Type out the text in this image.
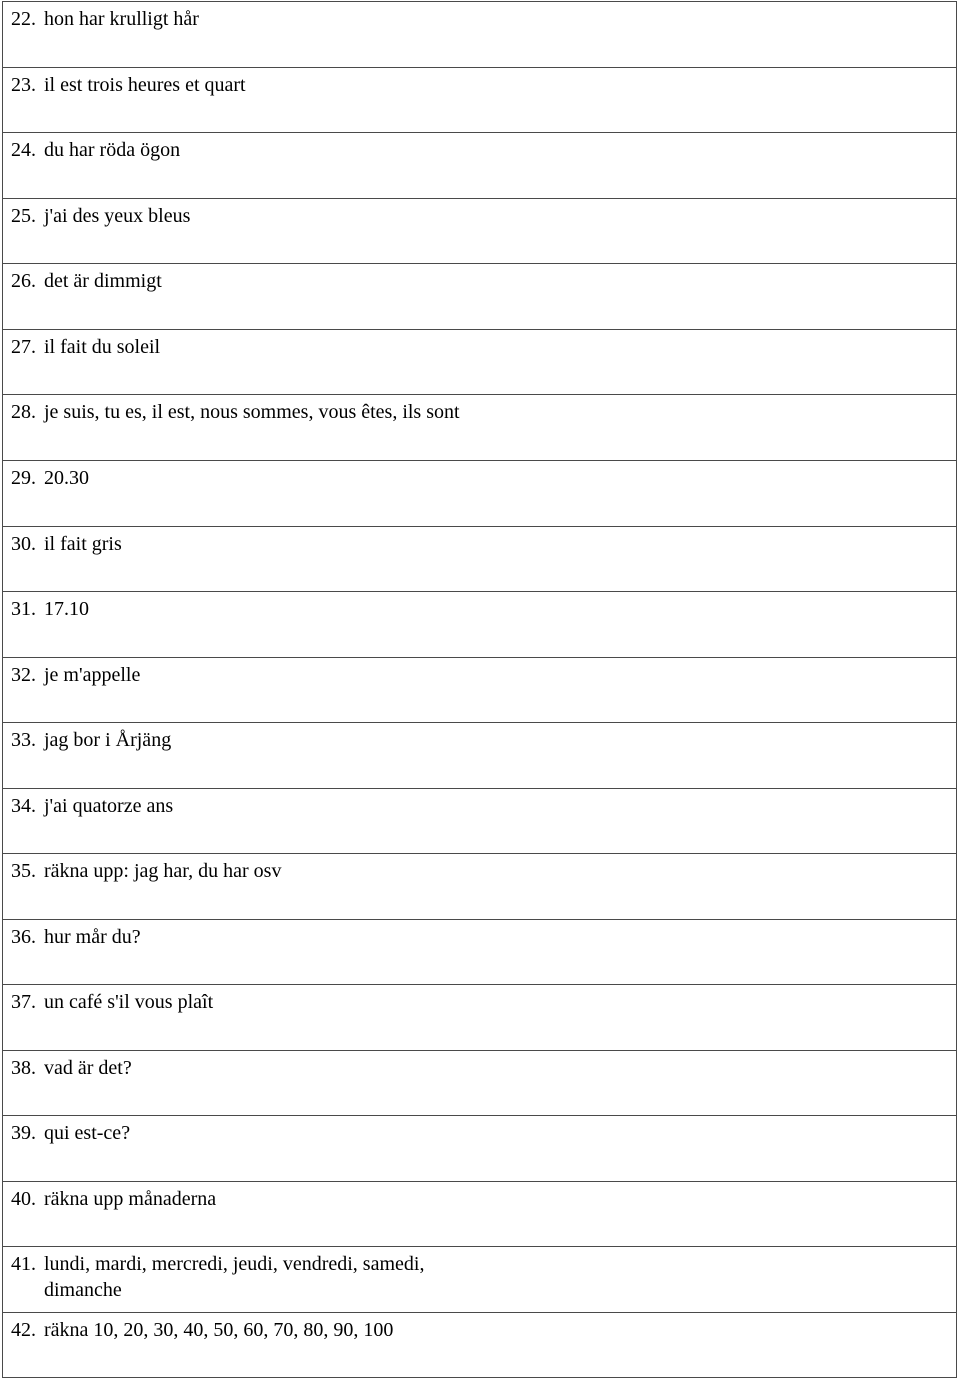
22. hon har krulligt hår
23. il est trois heures et quart
24. du har röda ögon
25. j'ai des yeux bleus
26. det är dimmigt
27. il fait du soleil
28. je suis, tu es, il est, nous sommes, vous êtes, ils sont
29. 20.30
30. il fait gris
31. 17.10
32. je m'appelle
33. jag bor i Årjäng
34. j'ai quatorze ans
35. räkna upp: jag har, du har osv
36. hur mår du?
37. un café s'il vous plaît
38. vad är det?
39. qui est-ce?
40. räkna upp månaderna
41. lundi, mardi, mercredi, jeudi, vendredi, samedi, dimanche
42. räkna 10, 20, 30, 40, 50, 60, 70, 80, 90, 100
